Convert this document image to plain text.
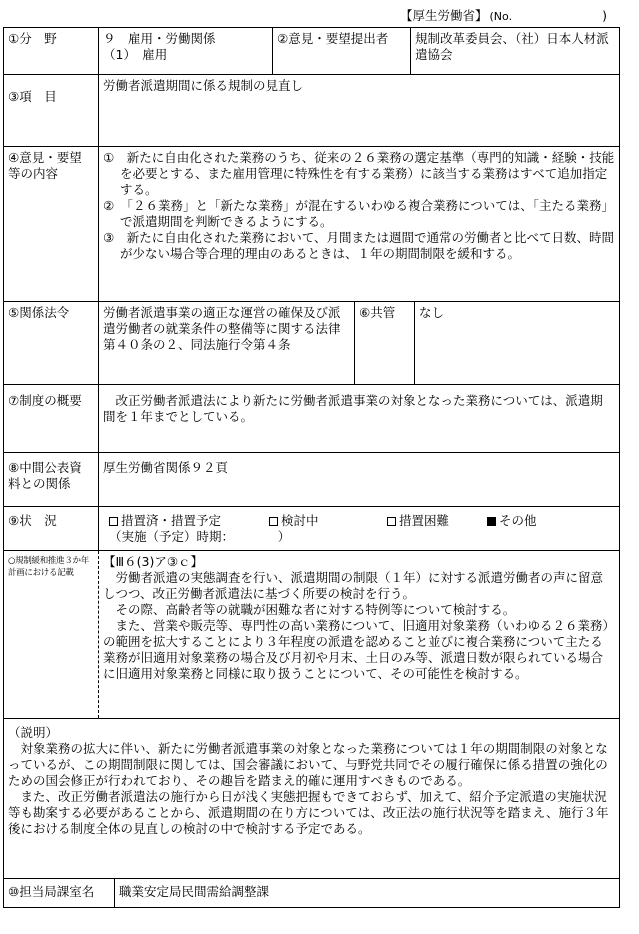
【厚生労働省】 (No.	)
①分　野	９　雇用・労働関係
（1）　雇用
②意見・要望提出者	規制改革委員会、（社）日本人材派遣協会
③項　目
労働者派遣期間に係る規制の見直し
④意見・要望等の内容

①　新たに自由化された業務のうち、従来の２６業務の選定基準（専門的知識・経験・技能を必要とする、また雇用管理に特殊性を有する業務）に該当する業務はすべて追加指定する。

②　「２６業務」と「新たな業務」が混在するいわゆる複合業務については、「主たる業務」で派遣期間を判断できるようにする。

③　新たに自由化された業務において、月間または週間で通常の労働者と比べて日数、時間が少ない場合等合理的理由のあるときは、１年の期間制限を緩和する。

⑤関係法令	労働者派遣事業の適正な運営の確保及び派遣労働者の就業条件の整備等に関する法律第４０条の２、同法施行令第４条
⑥共管	なし
⑦制度の概要	改正労働者派遣法により新たに労働者派遣事業の対象となった業務については、派遣期間を１年までとしている。

⑧中間公表資料との関係
厚生労働省関係９２頁
⑨状　況	措置済・措置予定	検討中	措置困難	その他
（実施（予定）時期：　　　　）
○規制緩和推進３か年計画における記載

【Ⅲ６(3)ア③ｃ】

労働者派遣の実態調査を行い、派遣期間の制限（１年）に対する派遣労働者の声に留意しつつ、改正労働者派遣法に基づく所要の検討を行う。

その際、高齢者等の就職が困難な者に対する特例等について検討する。

また、営業や販売等、専門性の高い業務について、旧適用対象業務（いわゆる２６業務）の範囲を拡大することにより３年程度の派遣を認めること並びに複合業務について主たる業務が旧適用対象業務の場合及び月初や月末、土日のみ等、派遣日数が限られている場合に旧適用対象業務と同様に取り扱うことについて、その可能性を検討する。

（説明）

対象業務の拡大に伴い、新たに労働者派遣事業の対象となった業務については１年の期間制限の対象となっているが、この期間制限に関しては、国会審議において、与野党共同でその履行確保に係る措置の強化のための国会修正が行われており、その趣旨を踏まえ的確に運用すべきものである。

また、改正労働者派遣法の施行から日が浅く実態把握もできておらず、加えて、紹介予定派遣の実施状況等も勘案する必要があることから、派遣期間の在り方については、改正法の施行状況等を踏まえ、施行３年後における制度全体の見直しの検討の中で検討する予定である。

⑩担当局課室名	職業安定局民間需給調整課
